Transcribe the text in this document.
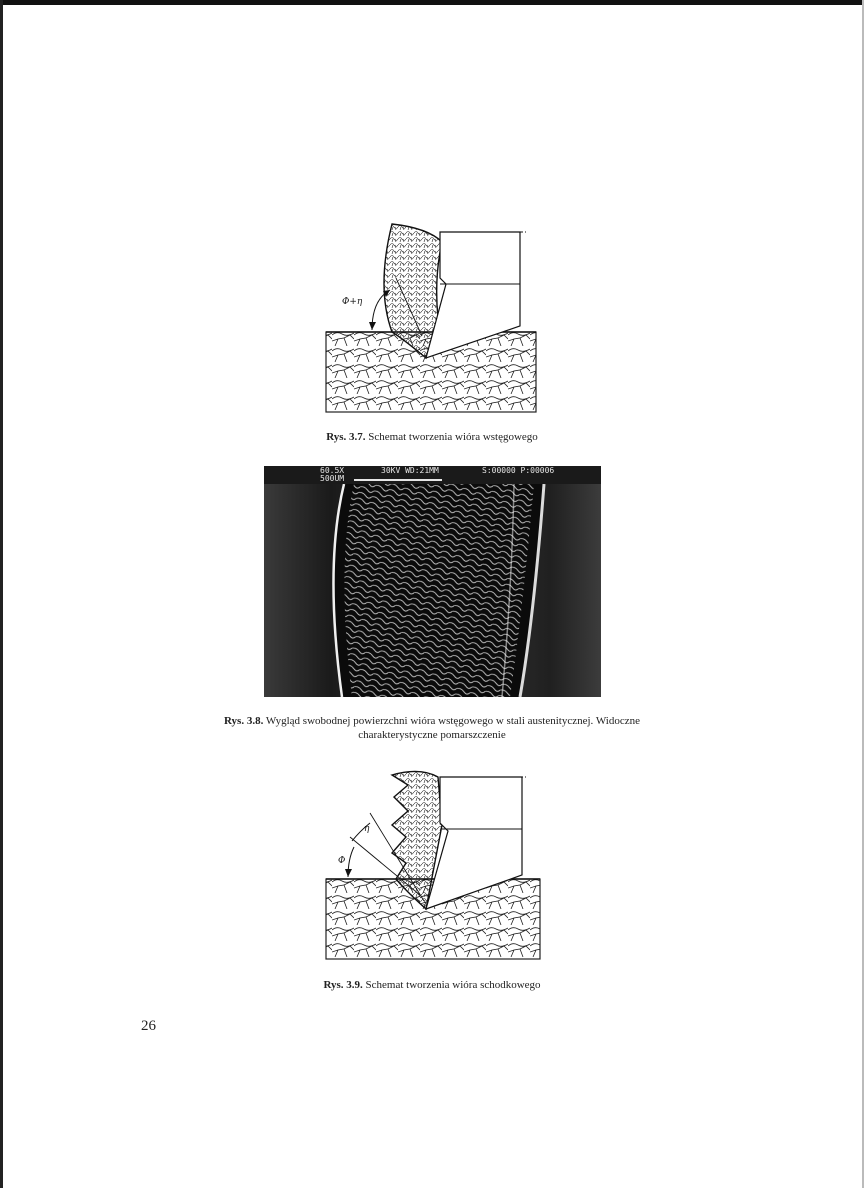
Φ+η
Rys. 3.7. Schemat tworzenia wióra wstęgowego
60.5X
500UM
30KV WD:21MM	S:00000 P:00006
Rys. 3.8. Wygląd swobodnej powierzchni wióra wstęgowego w stali austenitycznej. Widoczne
charakterystyczne pomarszczenie
η
Φ
Rys. 3.9. Schemat tworzenia wióra schodkowego
26
